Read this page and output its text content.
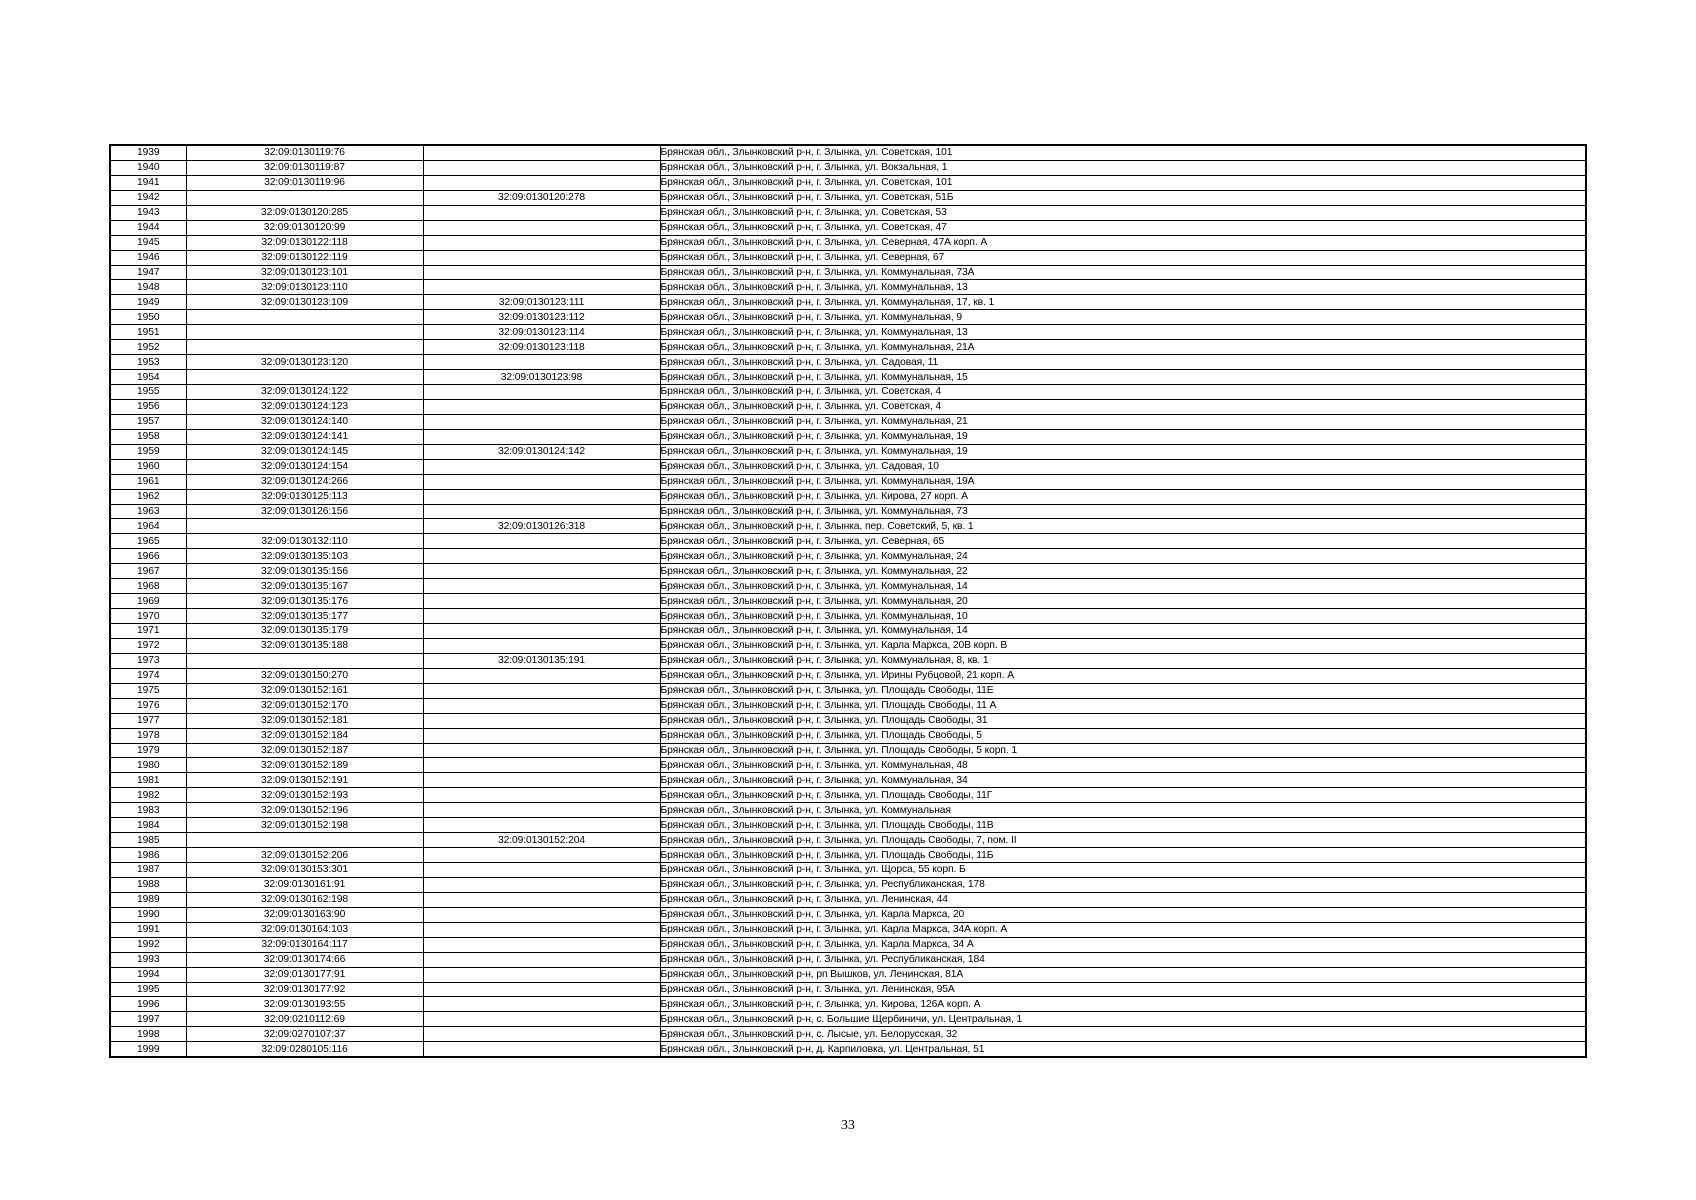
1939	32:09:0130119:76		Брянская обл., Злынковский р-н, г. Злынка, ул. Советская, 101
1940	32:09:0130119:87		Брянская обл., Злынковский р-н, г. Злынка, ул. Вокзальная, 1
1941	32:09:0130119:96		Брянская обл., Злынковский р-н, г. Злынка, ул. Советская, 101
1942		32:09:0130120:278	Брянская обл., Злынковский р-н, г. Злынка, ул. Советская, 51Б
1943	32:09:0130120:285		Брянская обл., Злынковский р-н, г. Злынка, ул. Советская, 53
1944	32:09:0130120:99		Брянская обл., Злынковский р-н, г. Злынка, ул. Советская, 47
1945	32:09:0130122:118		Брянская обл., Злынковский р-н, г. Злынка, ул. Северная, 47А корп. А
1946	32:09:0130122:119		Брянская обл., Злынковский р-н, г. Злынка, ул. Северная, 67
1947	32:09:0130123:101		Брянская обл., Злынковский р-н, г. Злынка, ул. Коммунальная, 73А
1948	32:09:0130123:110		Брянская обл., Злынковский р-н, г. Злынка, ул. Коммунальная, 13
1949	32:09:0130123:109	32:09:0130123:111	Брянская обл., Злынковский р-н, г. Злынка, ул. Коммунальная, 17, кв. 1
1950		32:09:0130123:112	Брянская обл., Злынковский р-н, г. Злынка, ул. Коммунальная, 9
1951		32:09:0130123:114	Брянская обл., Злынковский р-н, г. Злынка, ул. Коммунальная, 13
1952		32:09:0130123:118	Брянская обл., Злынковский р-н, г. Злынка, ул. Коммунальная, 21А
1953	32:09:0130123:120		Брянская обл., Злынковский р-н, г. Злынка, ул. Садовая, 11
1954		32:09:0130123:98	Брянская обл., Злынковский р-н, г. Злынка, ул. Коммунальная, 15
1955	32:09:0130124:122		Брянская обл., Злынковский р-н, г. Злынка, ул. Советская, 4
1956	32:09:0130124:123		Брянская обл., Злынковский р-н, г. Злынка, ул. Советская, 4
1957	32:09:0130124:140		Брянская обл., Злынковский р-н, г. Злынка, ул. Коммунальная, 21
1958	32:09:0130124:141		Брянская обл., Злынковский р-н, г. Злынка, ул. Коммунальная, 19
1959	32:09:0130124:145	32:09:0130124:142	Брянская обл., Злынковский р-н, г. Злынка, ул. Коммунальная, 19
1960	32:09:0130124:154		Брянская обл., Злынковский р-н, г. Злынка, ул. Садовая, 10
1961	32:09:0130124:266		Брянская обл., Злынковский р-н, г. Злынка, ул. Коммунальная, 19А
1962	32:09:0130125:113		Брянская обл., Злынковский р-н, г. Злынка, ул. Кирова, 27 корп. А
1963	32:09:0130126:156		Брянская обл., Злынковский р-н, г. Злынка, ул. Коммунальная, 73
1964		32:09:0130126:318	Брянская обл., Злынковский р-н, г. Злынка, пер. Советский, 5, кв. 1
1965	32:09:0130132:110		Брянская обл., Злынковский р-н, г. Злынка, ул. Северная, 65
1966	32:09:0130135:103		Брянская обл., Злынковский р-н, г. Злынка, ул. Коммунальная, 24
1967	32:09:0130135:156		Брянская обл., Злынковский р-н, г. Злынка, ул. Коммунальная, 22
1968	32:09:0130135:167		Брянская обл., Злынковский р-н, г. Злынка, ул. Коммунальная, 14
1969	32:09:0130135:176		Брянская обл., Злынковский р-н, г. Злынка, ул. Коммунальная, 20
1970	32:09:0130135:177		Брянская обл., Злынковский р-н, г. Злынка, ул. Коммунальная, 10
1971	32:09:0130135:179		Брянская обл., Злынковский р-н, г. Злынка, ул. Коммунальная, 14
1972	32:09:0130135:188		Брянская обл., Злынковский р-н, г. Злынка, ул. Карла Маркса, 20В корп. В
1973		32:09:0130135:191	Брянская обл., Злынковский р-н, г. Злынка, ул. Коммунальная, 8, кв. 1
1974	32:09:0130150:270		Брянская обл., Злынковский р-н, г. Злынка, ул. Ирины Рубцовой, 21 корп. А
1975	32:09:0130152:161		Брянская обл., Злынковский р-н, г. Злынка, ул. Площадь Свободы, 11Е
1976	32:09:0130152:170		Брянская обл., Злынковский р-н, г. Злынка, ул. Площадь Свободы, 11 А
1977	32:09:0130152:181		Брянская обл., Злынковский р-н, г. Злынка, ул. Площадь Свободы, 31
1978	32:09:0130152:184		Брянская обл., Злынковский р-н, г. Злынка, ул. Площадь Свободы, 5
1979	32:09:0130152:187		Брянская обл., Злынковский р-н, г. Злынка, ул. Площадь Свободы, 5 корп. 1
1980	32:09:0130152:189		Брянская обл., Злынковский р-н, г. Злынка, ул. Коммунальная, 48
1981	32:09:0130152:191		Брянская обл., Злынковский р-н, г. Злынка, ул. Коммунальная, 34
1982	32:09:0130152:193		Брянская обл., Злынковский р-н, г. Злынка, ул. Площадь Свободы, 11Г
1983	32:09:0130152:196		Брянская обл., Злынковский р-н, г. Злынка, ул. Коммунальная
1984	32:09:0130152:198		Брянская обл., Злынковский р-н, г. Злынка, ул. Площадь Свободы, 11В
1985		32:09:0130152:204	Брянская обл., Злынковский р-н, г. Злынка, ул. Площадь Свободы, 7, пом. II
1986	32:09:0130152:206		Брянская обл., Злынковский р-н, г. Злынка, ул. Площадь Свободы, 11Б
1987	32:09:0130153:301		Брянская обл., Злынковский р-н, г. Злынка, ул. Щорса, 55 корп. Б
1988	32:09:0130161:91		Брянская обл., Злынковский р-н, г. Злынка, ул. Республиканская, 178
1989	32:09:0130162:198		Брянская обл., Злынковский р-н, г. Злынка, ул. Ленинская, 44
1990	32:09:0130163:90		Брянская обл., Злынковский р-н, г. Злынка, ул. Карла Маркса, 20
1991	32:09:0130164:103		Брянская обл., Злынковский р-н, г. Злынка, ул. Карла Маркса, 34А корп. А
1992	32:09:0130164:117		Брянская обл., Злынковский р-н, г. Злынка, ул. Карла Маркса, 34 А
1993	32:09:0130174:66		Брянская обл., Злынковский р-н, г. Злынка, ул. Республиканская, 184
1994	32:09:0130177:91		Брянская обл., Злынковский р-н, рп Вышков, ул. Ленинская, 81А
1995	32:09:0130177:92		Брянская обл., Злынковский р-н, г. Злынка, ул. Ленинская, 95А
1996	32:09:0130193:55		Брянская обл., Злынковский р-н, г. Злынка, ул. Кирова, 126А корп. А
1997	32:09:0210112:69		Брянская обл., Злынковский р-н, с. Большие Щербиничи, ул. Центральная, 1
1998	32:09:0270107:37		Брянская обл., Злынковский р-н, с. Лысые, ул. Белорусская, 32
1999	32:09:0280105:116		Брянская обл., Злынковский р-н, д. Карпиловка, ул. Центральная, 51
33
